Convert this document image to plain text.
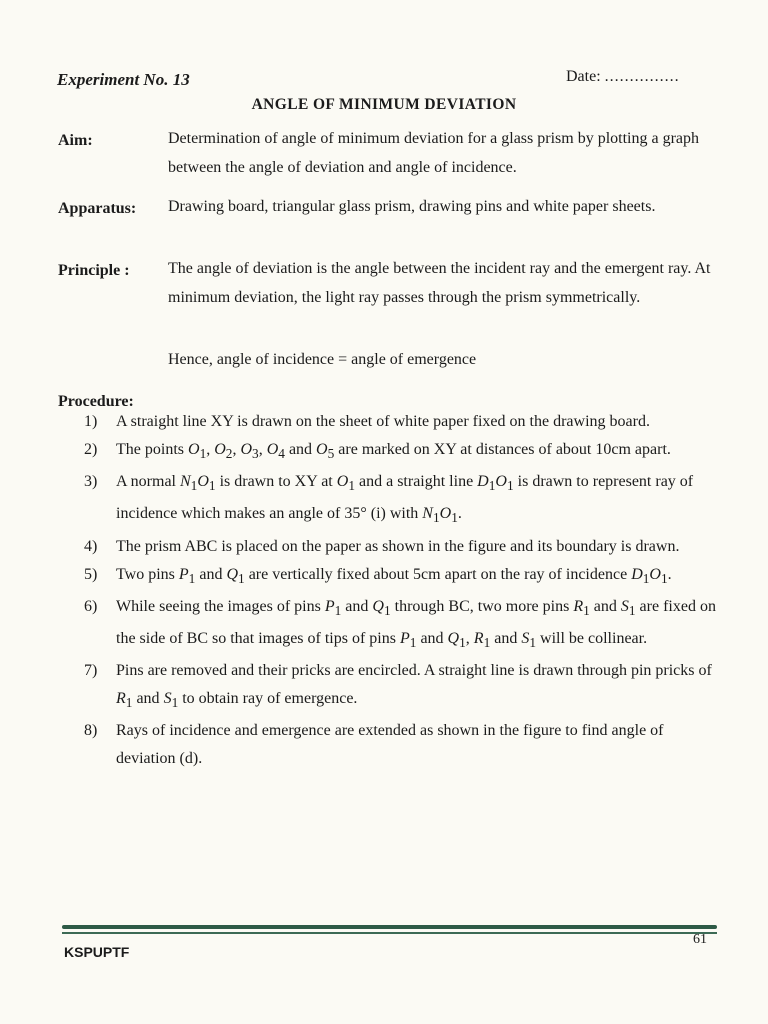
Experiment No. 13	Date: ...............
ANGLE OF MINIMUM DEVIATION
Aim:	Determination of angle of minimum deviation for a glass prism by plotting a graph between the angle of deviation and angle of incidence.
Apparatus: Drawing board, triangular glass prism, drawing pins and white paper sheets.
Principle : The angle of deviation is the angle between the incident ray and the emergent ray. At minimum deviation, the light ray passes through the prism symmetrically.
Hence, angle of incidence = angle of emergence
Procedure:
1)	A straight line XY is drawn on the sheet of white paper fixed on the drawing board.
2)	The points $O_1$, $O_2$, $O_3$, $O_4$ and $O_5$ are marked on XY at distances of about 10cm apart.
3)	A normal $N_1O_1$ is drawn to XY at $O_1$ and a straight line $D_1O_1$ is drawn to represent ray of incidence which makes an angle of 35° (i) with $N_1O_1$.
4)	The prism ABC is placed on the paper as shown in the figure and its boundary is drawn.
5)	Two pins $P_1$ and $Q_1$ are vertically fixed about 5cm apart on the ray of incidence $D_1O_1$.
6)	While seeing the images of pins $P_1$ and $Q_1$ through BC, two more pins $R_1$ and $S_1$ are fixed on the side of BC so that images of tips of pins $P_1$ and $Q_1$, $R_1$ and $S_1$ will be collinear.
7)	Pins are removed and their pricks are encircled. A straight line is drawn through pin pricks of $R_1$ and $S_1$ to obtain ray of emergence.
8)	Rays of incidence and emergence are extended as shown in the figure to find angle of deviation (d).
KSPUPTF
61
